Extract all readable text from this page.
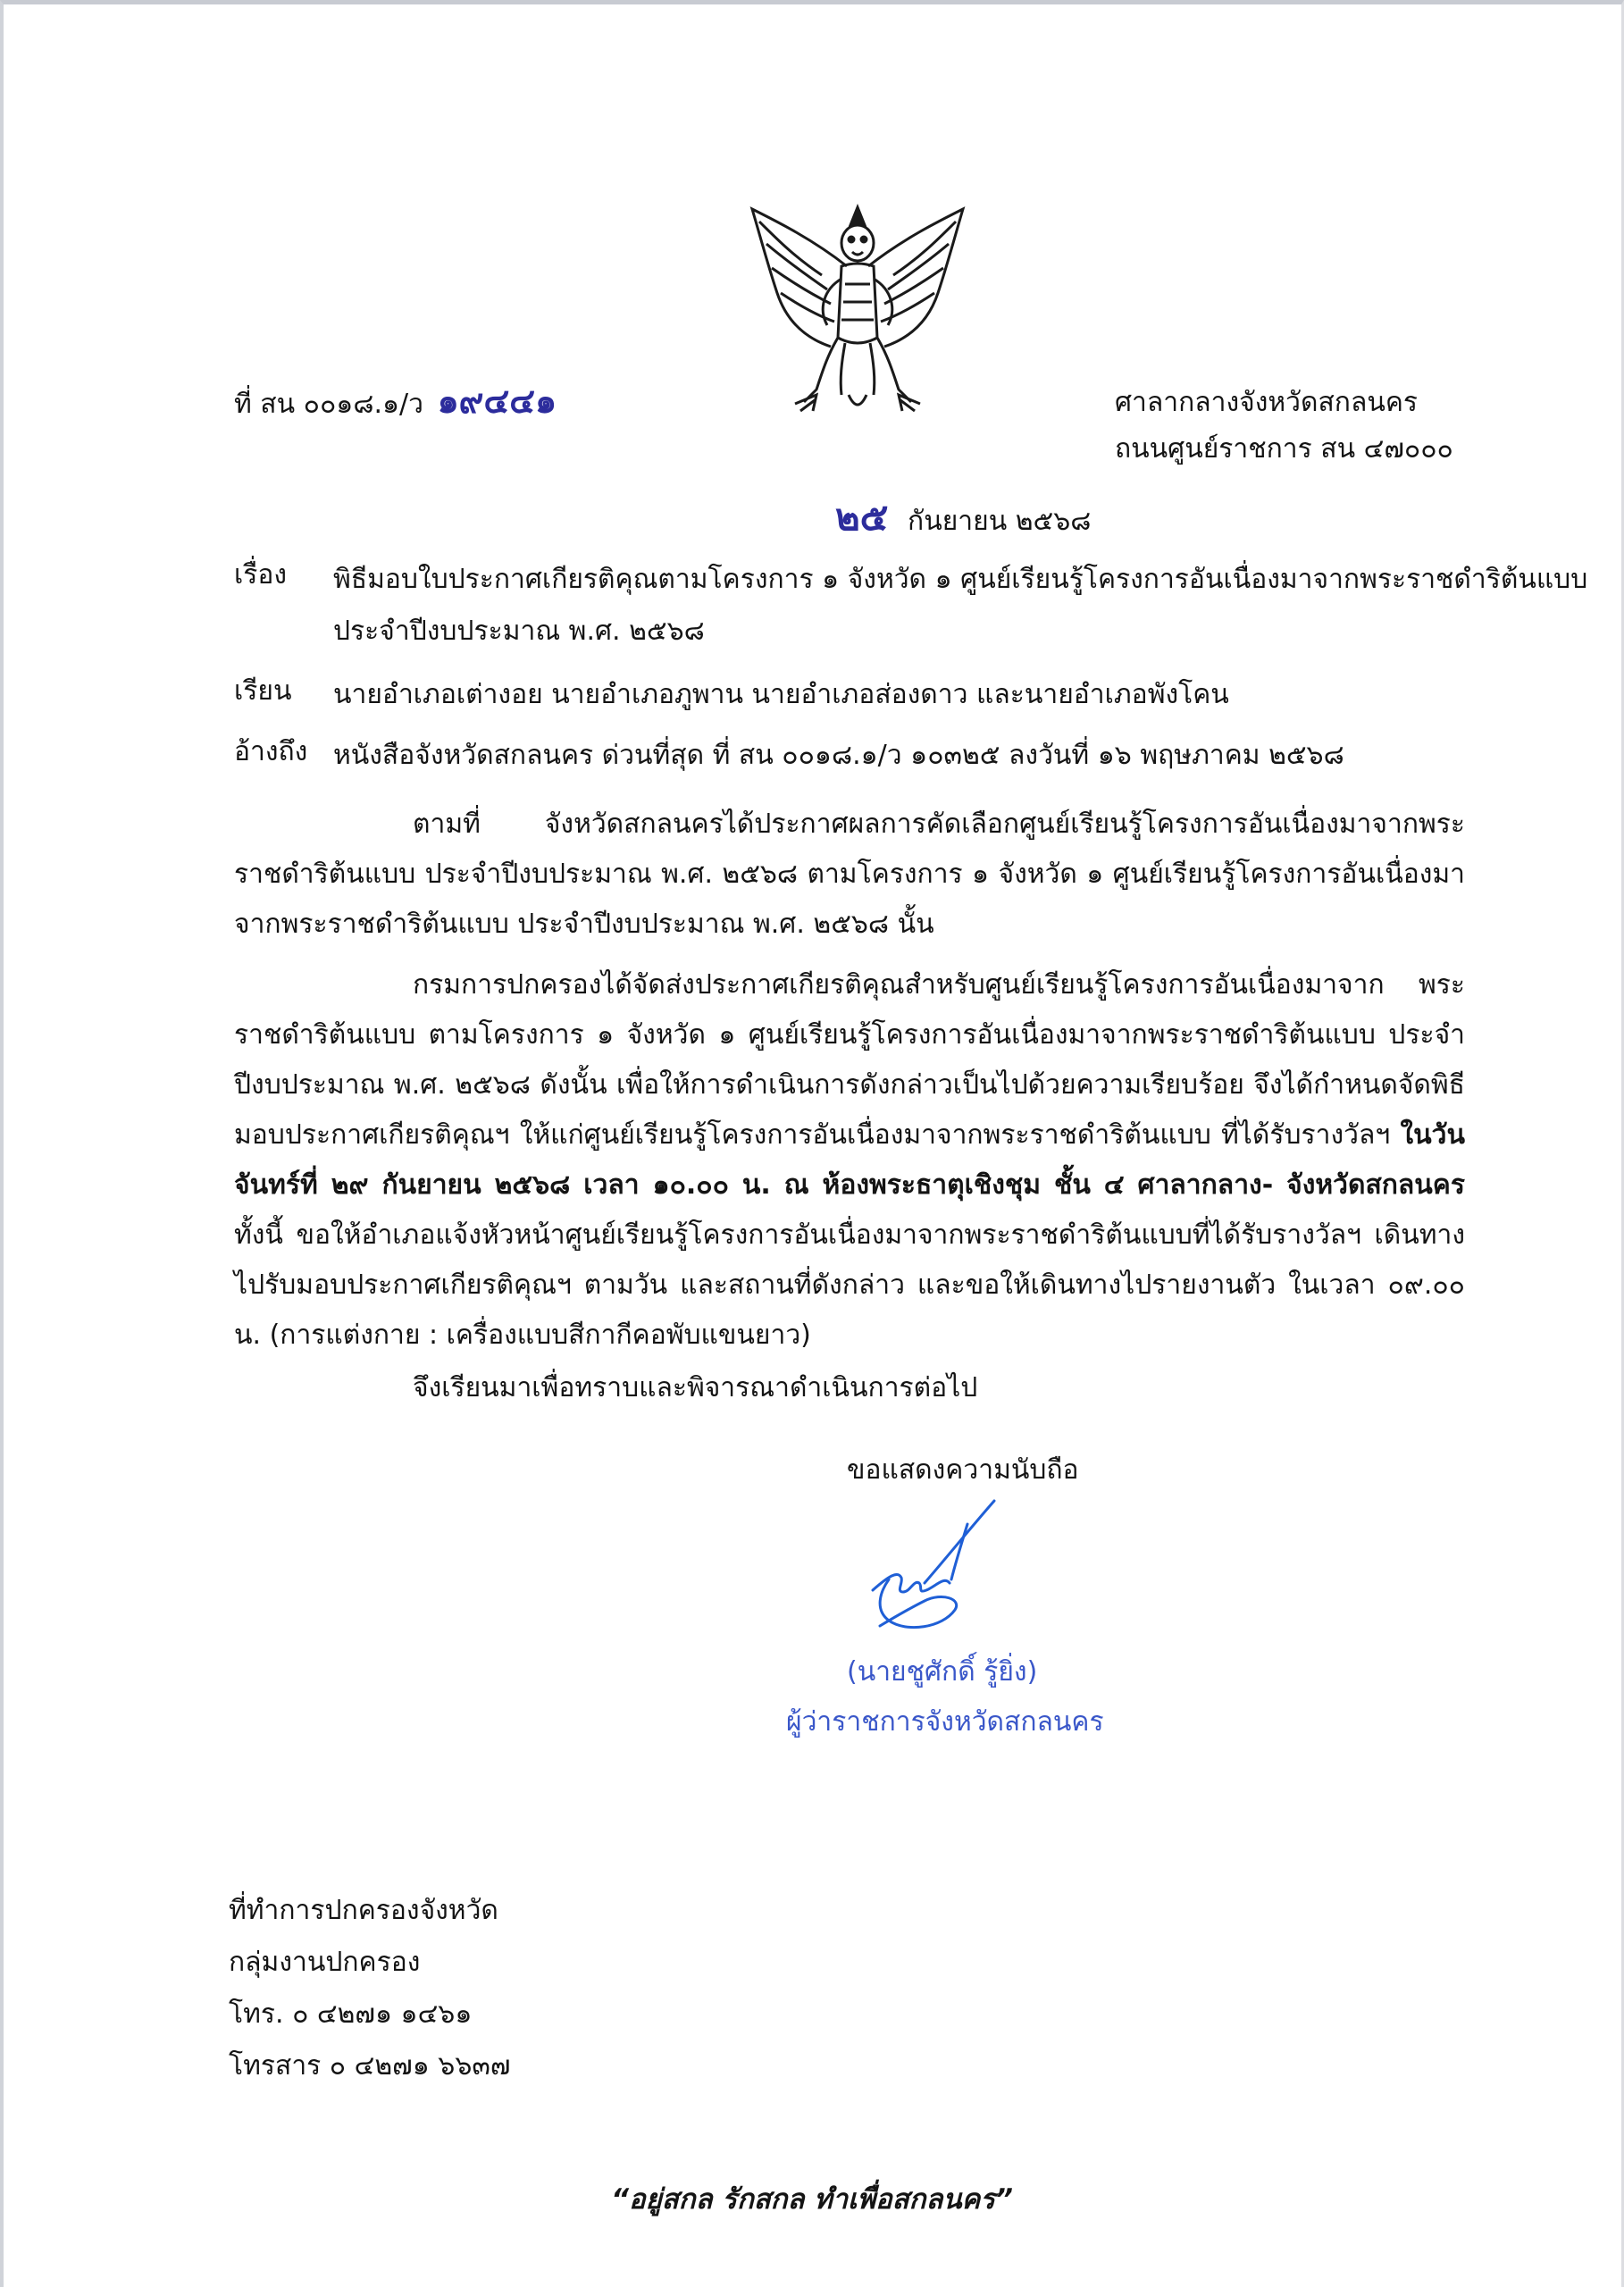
ที่ สน ๐๐๑๘.๑/ว ๑๙๔๔๑	ศาลากลางจังหวัดสกลนคร
ถนนศูนย์ราชการ สน ๔๗๐๐๐
๒๕ กันยายน ๒๕๖๘
เรื่อง พิธีมอบใบประกาศเกียรติคุณตามโครงการ ๑ จังหวัด ๑ ศูนย์เรียนรู้โครงการอันเนื่องมาจากพระราชดำริต้นแบบ
ประจำปีงบประมาณ พ.ศ. ๒๕๖๘
เรียน นายอำเภอเต่างอย นายอำเภอภูพาน นายอำเภอส่องดาว และนายอำเภอพังโคน
อ้างถึง หนังสือจังหวัดสกลนคร ด่วนที่สุด ที่ สน ๐๐๑๘.๑/ว ๑๐๓๒๕ ลงวันที่ ๑๖ พฤษภาคม ๒๕๖๘
ตามที่ จังหวัดสกลนครได้ประกาศผลการคัดเลือกศูนย์เรียนรู้โครงการอันเนื่องมาจากพระราชดำริต้นแบบ ประจำปีงบประมาณ พ.ศ. ๒๕๖๘ ตามโครงการ ๑ จังหวัด ๑ ศูนย์เรียนรู้โครงการอันเนื่องมาจากพระราชดำริต้นแบบ ประจำปีงบประมาณ พ.ศ. ๒๕๖๘ นั้น
กรมการปกครองได้จัดส่งประกาศเกียรติคุณสำหรับศูนย์เรียนรู้โครงการอันเนื่องมาจาก พระราชดำริต้นแบบ ตามโครงการ ๑ จังหวัด ๑ ศูนย์เรียนรู้โครงการอันเนื่องมาจากพระราชดำริต้นแบบ ประจำปีงบประมาณ พ.ศ. ๒๕๖๘ ดังนั้น เพื่อให้การดำเนินการดังกล่าวเป็นไปด้วยความเรียบร้อย จึงได้กำหนดจัดพิธีมอบประกาศเกียรติคุณฯ ให้แก่ศูนย์เรียนรู้โครงการอันเนื่องมาจากพระราชดำริต้นแบบ ที่ได้รับรางวัลฯ ในวันจันทร์ที่ ๒๙ กันยายน ๒๕๖๘ เวลา ๑๐.๐๐ น. ณ ห้องพระธาตุเชิงชุม ชั้น ๔ ศาลากลาง- จังหวัดสกลนคร ทั้งนี้ ขอให้อำเภอแจ้งหัวหน้าศูนย์เรียนรู้โครงการอันเนื่องมาจากพระราชดำริต้นแบบที่ได้รับรางวัลฯ เดินทางไปรับมอบประกาศเกียรติคุณฯ ตามวัน และสถานที่ดังกล่าว และขอให้เดินทางไปรายงานตัว ในเวลา ๐๙.๐๐ น. (การแต่งกาย : เครื่องแบบสีกากีคอพับแขนยาว)
จึงเรียนมาเพื่อทราบและพิจารณาดำเนินการต่อไป
ขอแสดงความนับถือ
(นายชูศักดิ์ รู้ยิ่ง)
ผู้ว่าราชการจังหวัดสกลนคร
ที่ทำการปกครองจังหวัด
กลุ่มงานปกครอง
โทร. ๐ ๔๒๗๑ ๑๔๖๑
โทรสาร ๐ ๔๒๗๑ ๖๖๓๗
“อยู่สกล รักสกล ทำเพื่อสกลนคร”
